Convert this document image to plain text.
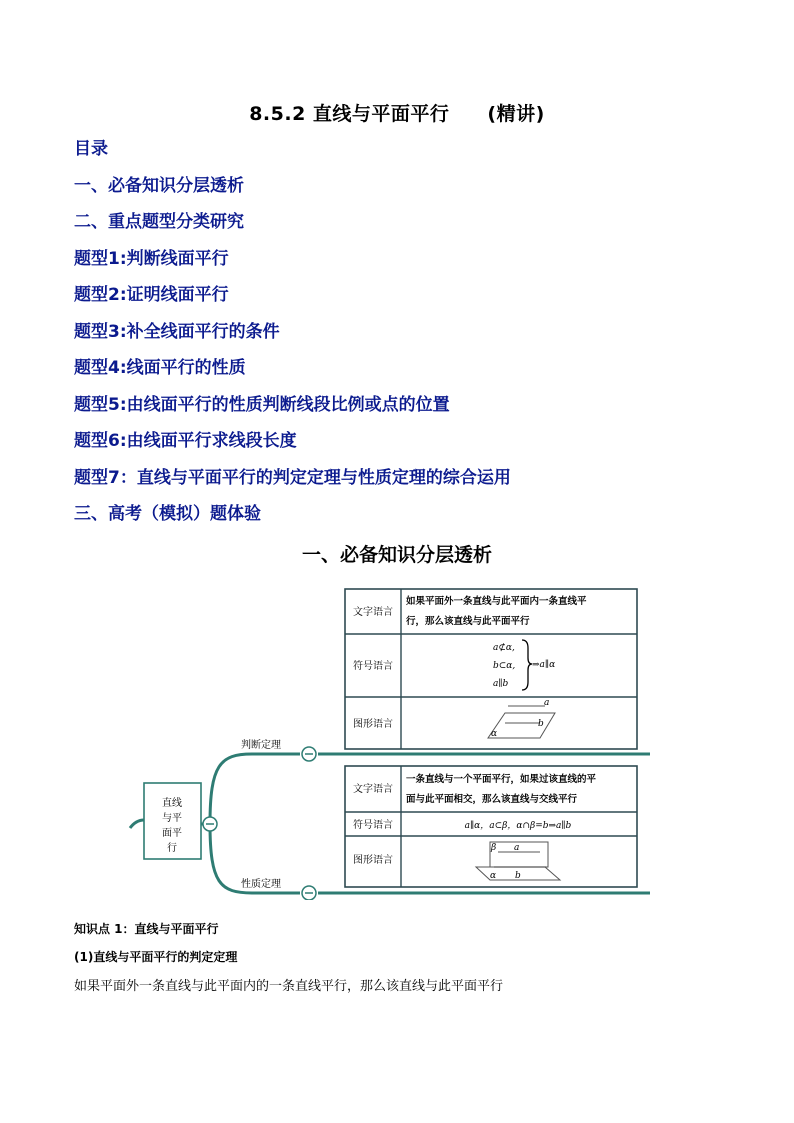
8.5.2 直线与平面平行 (精讲)
目录
一、必备知识分层透析
二、重点题型分类研究
题型1:判断线面平行
题型2:证明线面平行
题型3:补全线面平行的条件
题型4:线面平行的性质
题型5:由线面平行的性质判断线段比例或点的位置
题型6:由线面平行求线段长度
题型7：直线与平面平行的判定定理与性质定理的综合运用
三、高考（模拟）题体验
一、必备知识分层透析
直线
与平
面平
行
判断定理
性质定理
文字语言
如果平面外一条直线与此平面内一条直线平
行，那么该直线与此平面平行
符号语言
a⊄α,
b⊂α,
a∥b
⇒a∥α
图形语言
a
b
α
文字语言
一条直线与一个平面平行，如果过该直线的平
面与此平面相交，那么该直线与交线平行
符号语言	a∥α，a⊂β，α∩β=b⇒a∥b
图形语言
β a
α b
知识点 1：直线与平面平行
(1)直线与平面平行的判定定理
如果平面外一条直线与此平面内的一条直线平行，那么该直线与此平面平行
